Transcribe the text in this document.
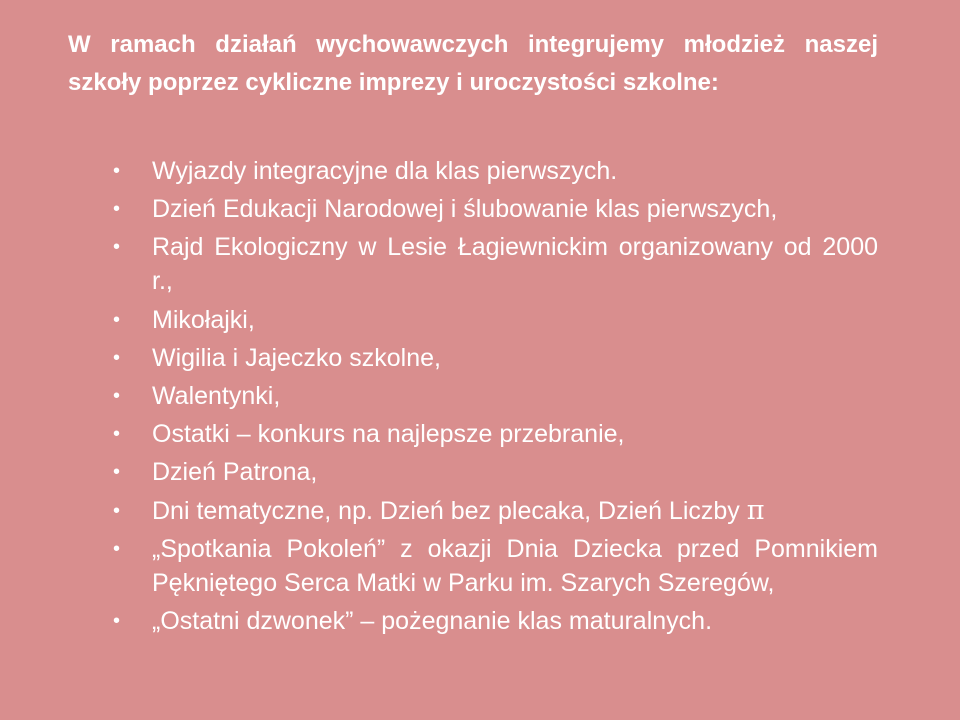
W ramach działań wychowawczych integrujemy młodzież naszej szkoły poprzez cykliczne imprezy i uroczystości szkolne:

• Wyjazdy integracyjne dla klas pierwszych.
• Dzień Edukacji Narodowej i ślubowanie klas pierwszych,
• Rajd Ekologiczny w Lesie Łagiewnickim organizowany od 2000 r.,
• Mikołajki,
• Wigilia i Jajeczko szkolne,
• Walentynki,
• Ostatki – konkurs na najlepsze przebranie,
• Dzień Patrona,
• Dni tematyczne, np. Dzień bez plecaka, Dzień Liczby π
• „Spotkania Pokoleń” z okazji Dnia Dziecka przed Pomnikiem Pękniętego Serca Matki w Parku im. Szarych Szeregów,
• „Ostatni dzwonek” – pożegnanie klas maturalnych.
